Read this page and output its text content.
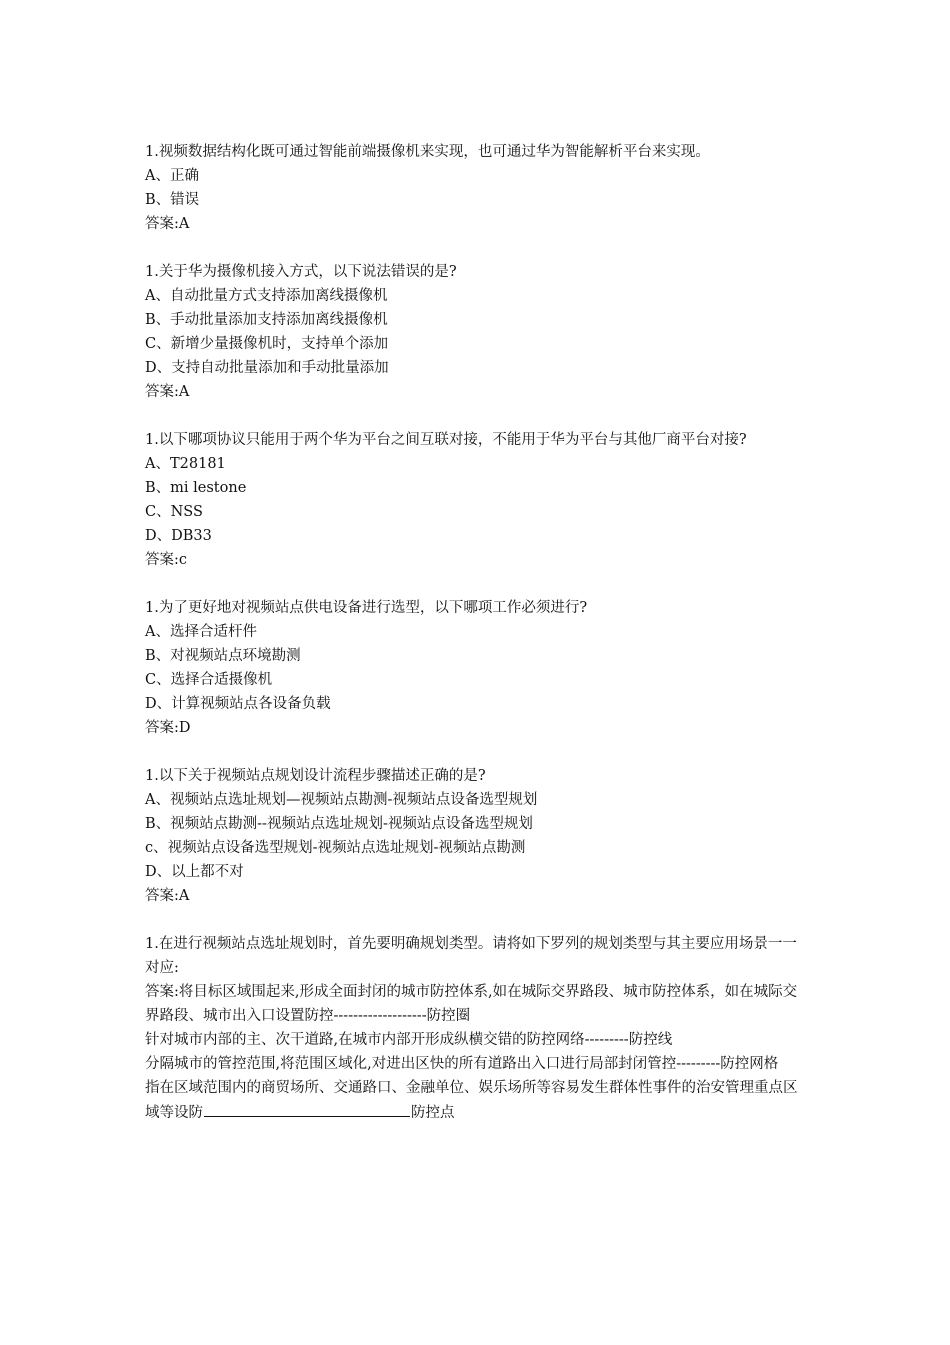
1.视频数据结构化既可通过智能前端摄像机来实现，也可通过华为智能解析平台来实现。

A、正确

B、错误

答案:A

1.关于华为摄像机接入方式，以下说法错误的是?

A、自动批量方式支持添加离线摄像机

B、手动批量添加支持添加离线摄像机

C、新增少量摄像机时，支持单个添加

D、支持自动批量添加和手动批量添加

答案:A

1.以下哪项协议只能用于两个华为平台之间互联对接，不能用于华为平台与其他厂商平台对接?

A、T28181

B、mi lestone

C、NSS

D、DB33

答案:c

1.为了更好地对视频站点供电设备进行选型，以下哪项工作必须进行?

A、选择合适杆件

B、对视频站点环境勘测

C、选择合适摄像机

D、计算视频站点各设备负载

答案:D

1.以下关于视频站点规划设计流程步骤描述正确的是?

A、视频站点选址规划—视频站点勘测-视频站点设备选型规划

B、视频站点勘测--视频站点选址规划-视频站点设备选型规划

c、视频站点设备选型规划-视频站点选址规划-视频站点勘测

D、以上都不对

答案:A

1.在进行视频站点选址规划时，首先要明确规划类型。请将如下罗列的规划类型与其主要应用场景一一对应:

答案:将目标区域围起来,形成全面封闭的城市防控体系,如在城际交界路段、城市防控体系，如在城际交界路段、城市出入口设置防控-------------------防控圈

针对城市内部的主、次干道路,在城市内部开形成纵横交错的防控网络---------防控线

分隔城市的管控范围,将范围区域化,对进出区快的所有道路出入口进行局部封闭管控---------防控网格

指在区域范围内的商贸场所、交通路口、金融单位、娱乐场所等容易发生群体性事件的治安管理重点区域等设防	防控点
